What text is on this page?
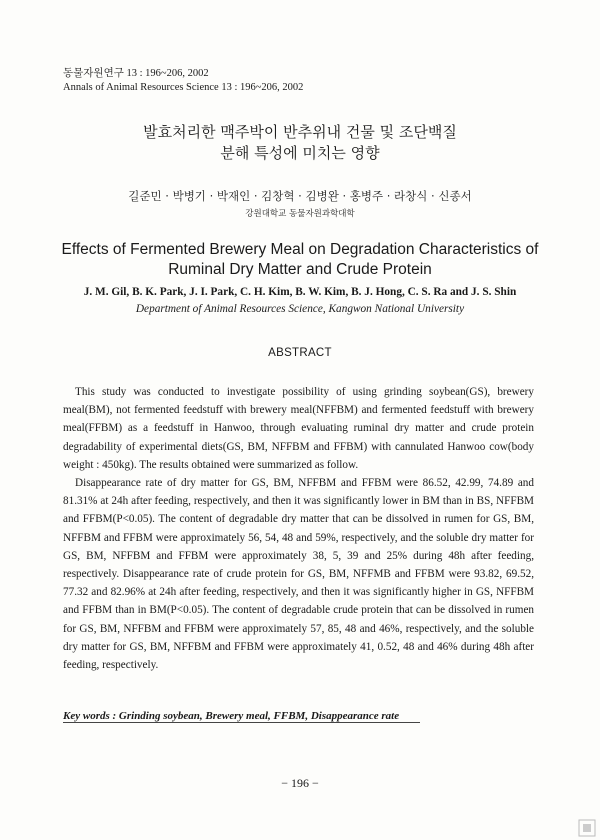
동물자원연구 13 : 196~206, 2002
Annals of Animal Resources Science 13 : 196~206, 2002
발효처리한 맥주박이 반추위내 건물 및 조단백질
분해 특성에 미치는 영향
길준민 · 박병기 · 박재인 · 김창혁 · 김병완 · 홍병주 · 라창식 · 신종서
강원대학교 동물자원과학대학
Effects of Fermented Brewery Meal on Degradation Characteristics of
Ruminal Dry Matter and Crude Protein
J. M. Gil, B. K. Park, J. I. Park, C. H. Kim, B. W. Kim, B. J. Hong, C. S. Ra and J. S. Shin
Department of Animal Resources Science, Kangwon National University
ABSTRACT

This study was conducted to investigate possibility of using grinding soybean(GS), brewery meal(BM), not fermented feedstuff with brewery meal(NFFBM) and fermented feedstuff with brewery meal(FFBM) as a feedstuff in Hanwoo, through evaluating ruminal dry matter and crude protein degradability of experimental diets(GS, BM, NFFBM and FFBM) with cannulated Hanwoo cow(body weight : 450kg). The results obtained were summarized as follow.

Disappearance rate of dry matter for GS, BM, NFFBM and FFBM were 86.52, 42.99, 74.89 and 81.31% at 24h after feeding, respectively, and then it was significantly lower in BM than in BS, NFFBM and FFBM(P<0.05). The content of degradable dry matter that can be dissolved in rumen for GS, BM, NFFBM and FFBM were approximately 56, 54, 48 and 59%, respectively, and the soluble dry matter for GS, BM, NFFBM and FFBM were approximately 38, 5, 39 and 25% during 48h after feeding, respectively. Disappearance rate of crude protein for GS, BM, NFFMB and FFBM were 93.82, 69.52, 77.32 and 82.96% at 24h after feeding, respectively, and then it was significantly higher in GS, NFFBM and FFBM than in BM(P<0.05). The content of degradable crude protein that can be dissolved in rumen for GS, BM, NFFBM and FFBM were approximately 57, 85, 48 and 46%, respectively, and the soluble dry matter for GS, BM, NFFBM and FFBM were approximately 41, 0.52, 48 and 46% during 48h after feeding, respectively.

Key words : Grinding soybean, Brewery meal, FFBM, Disappearance rate
− 196 −
